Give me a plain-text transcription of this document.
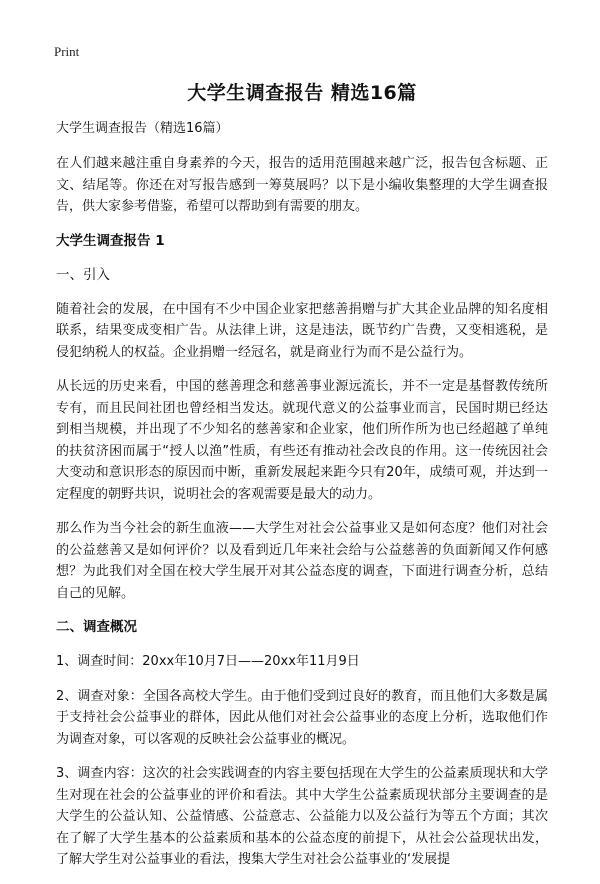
Print
大学生调查报告 精选16篇
大学生调查报告（精选16篇）

在人们越来越注重自身素养的今天，报告的适用范围越来越广泛，报告包含标题、正文、结尾等。你还在对写报告感到一筹莫展吗？以下是小编收集整理的大学生调查报告，供大家参考借鉴，希望可以帮助到有需要的朋友。

大学生调查报告 1
一、引入

随着社会的发展，在中国有不少中国企业家把慈善捐赠与扩大其企业品牌的知名度相联系，结果变成变相广告。从法律上讲，这是违法，既节约广告费，又变相逃税，是侵犯纳税人的权益。企业捐赠一经冠名，就是商业行为而不是公益行为。

从长远的历史来看，中国的慈善理念和慈善事业源远流长，并不一定是基督教传统所专有，而且民间社团也曾经相当发达。就现代意义的公益事业而言，民国时期已经达到相当规模，并出现了不少知名的慈善家和企业家，他们所作所为也已经超越了单纯的扶贫济困而属于“授人以渔”性质，有些还有推动社会改良的作用。这一传统因社会大变动和意识形态的原因而中断，重新发展起来距今只有20年，成绩可观，并达到一定程度的朝野共识，说明社会的客观需要是最大的动力。

那么作为当今社会的新生血液——大学生对社会公益事业又是如何态度？他们对社会的公益慈善又是如何评价？以及看到近几年来社会给与公益慈善的负面新闻又作何感想？为此我们对全国在校大学生展开对其公益态度的调查，下面进行调查分析，总结自己的见解。

二、调查概况

1、调查时间：20xx年10月7日——20xx年11月9日

2、调查对象：全国各高校大学生。由于他们受到过良好的教育，而且他们大多数是属于支持社会公益事业的群体，因此从他们对社会公益事业的态度上分析，选取他们作为调查对象，可以客观的反映社会公益事业的概况。

3、调查内容：这次的社会实践调查的内容主要包括现在大学生的公益素质现状和大学生对现在社会的公益事业的评价和看法。其中大学生公益素质现状部分主要调查的是大学生的公益认知、公益情感、公益意志、公益能力以及公益行为等五个方面；其次在了解了大学生基本的公益素质和基本的公益态度的前提下，从社会公益现状出发，了解大学生对公益事业的看法，搜集大学生对社会公益事业的‘发展提
